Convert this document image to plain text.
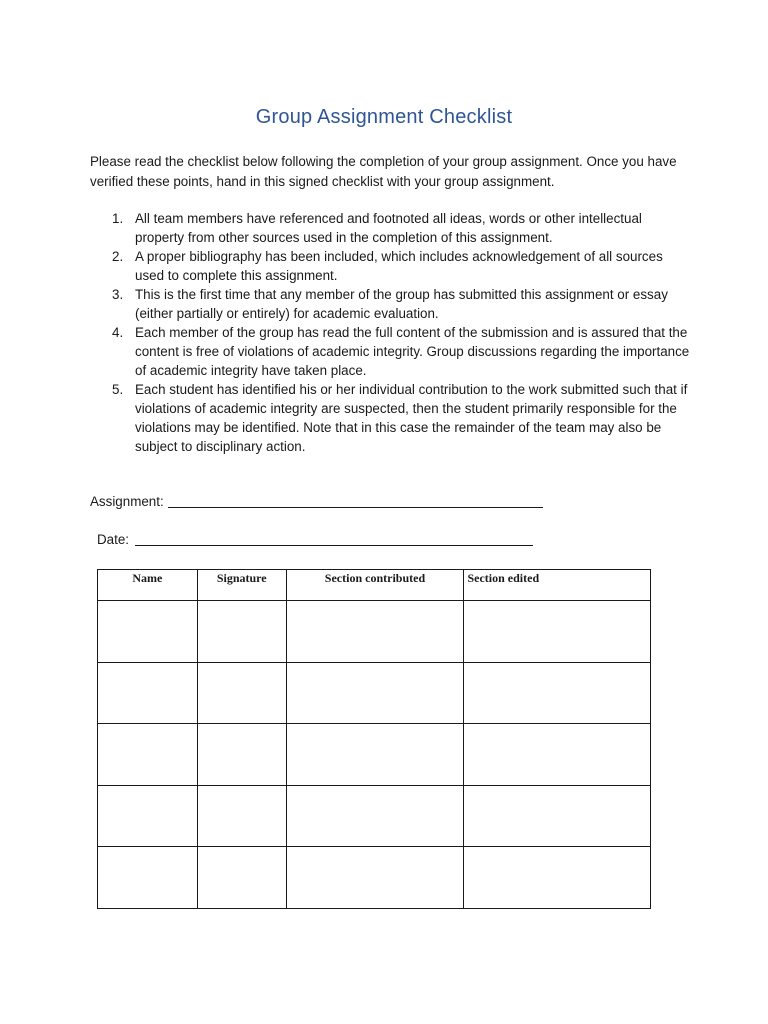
Group Assignment Checklist
Please read the checklist below following the completion of your group assignment. Once you have verified these points, hand in this signed checklist with your group assignment.
1. All team members have referenced and footnoted all ideas, words or other intellectual property from other sources used in the completion of this assignment.
2. A proper bibliography has been included, which includes acknowledgement of all sources used to complete this assignment.
3. This is the first time that any member of the group has submitted this assignment or essay (either partially or entirely) for academic evaluation.
4. Each member of the group has read the full content of the submission and is assured that the content is free of violations of academic integrity. Group discussions regarding the importance of academic integrity have taken place.
5. Each student has identified his or her individual contribution to the work submitted such that if violations of academic integrity are suspected, then the student primarily responsible for the violations may be identified. Note that in this case the remainder of the team may also be subject to disciplinary action.
Assignment:
Date:
Name	Signature	Section contributed	Section edited
